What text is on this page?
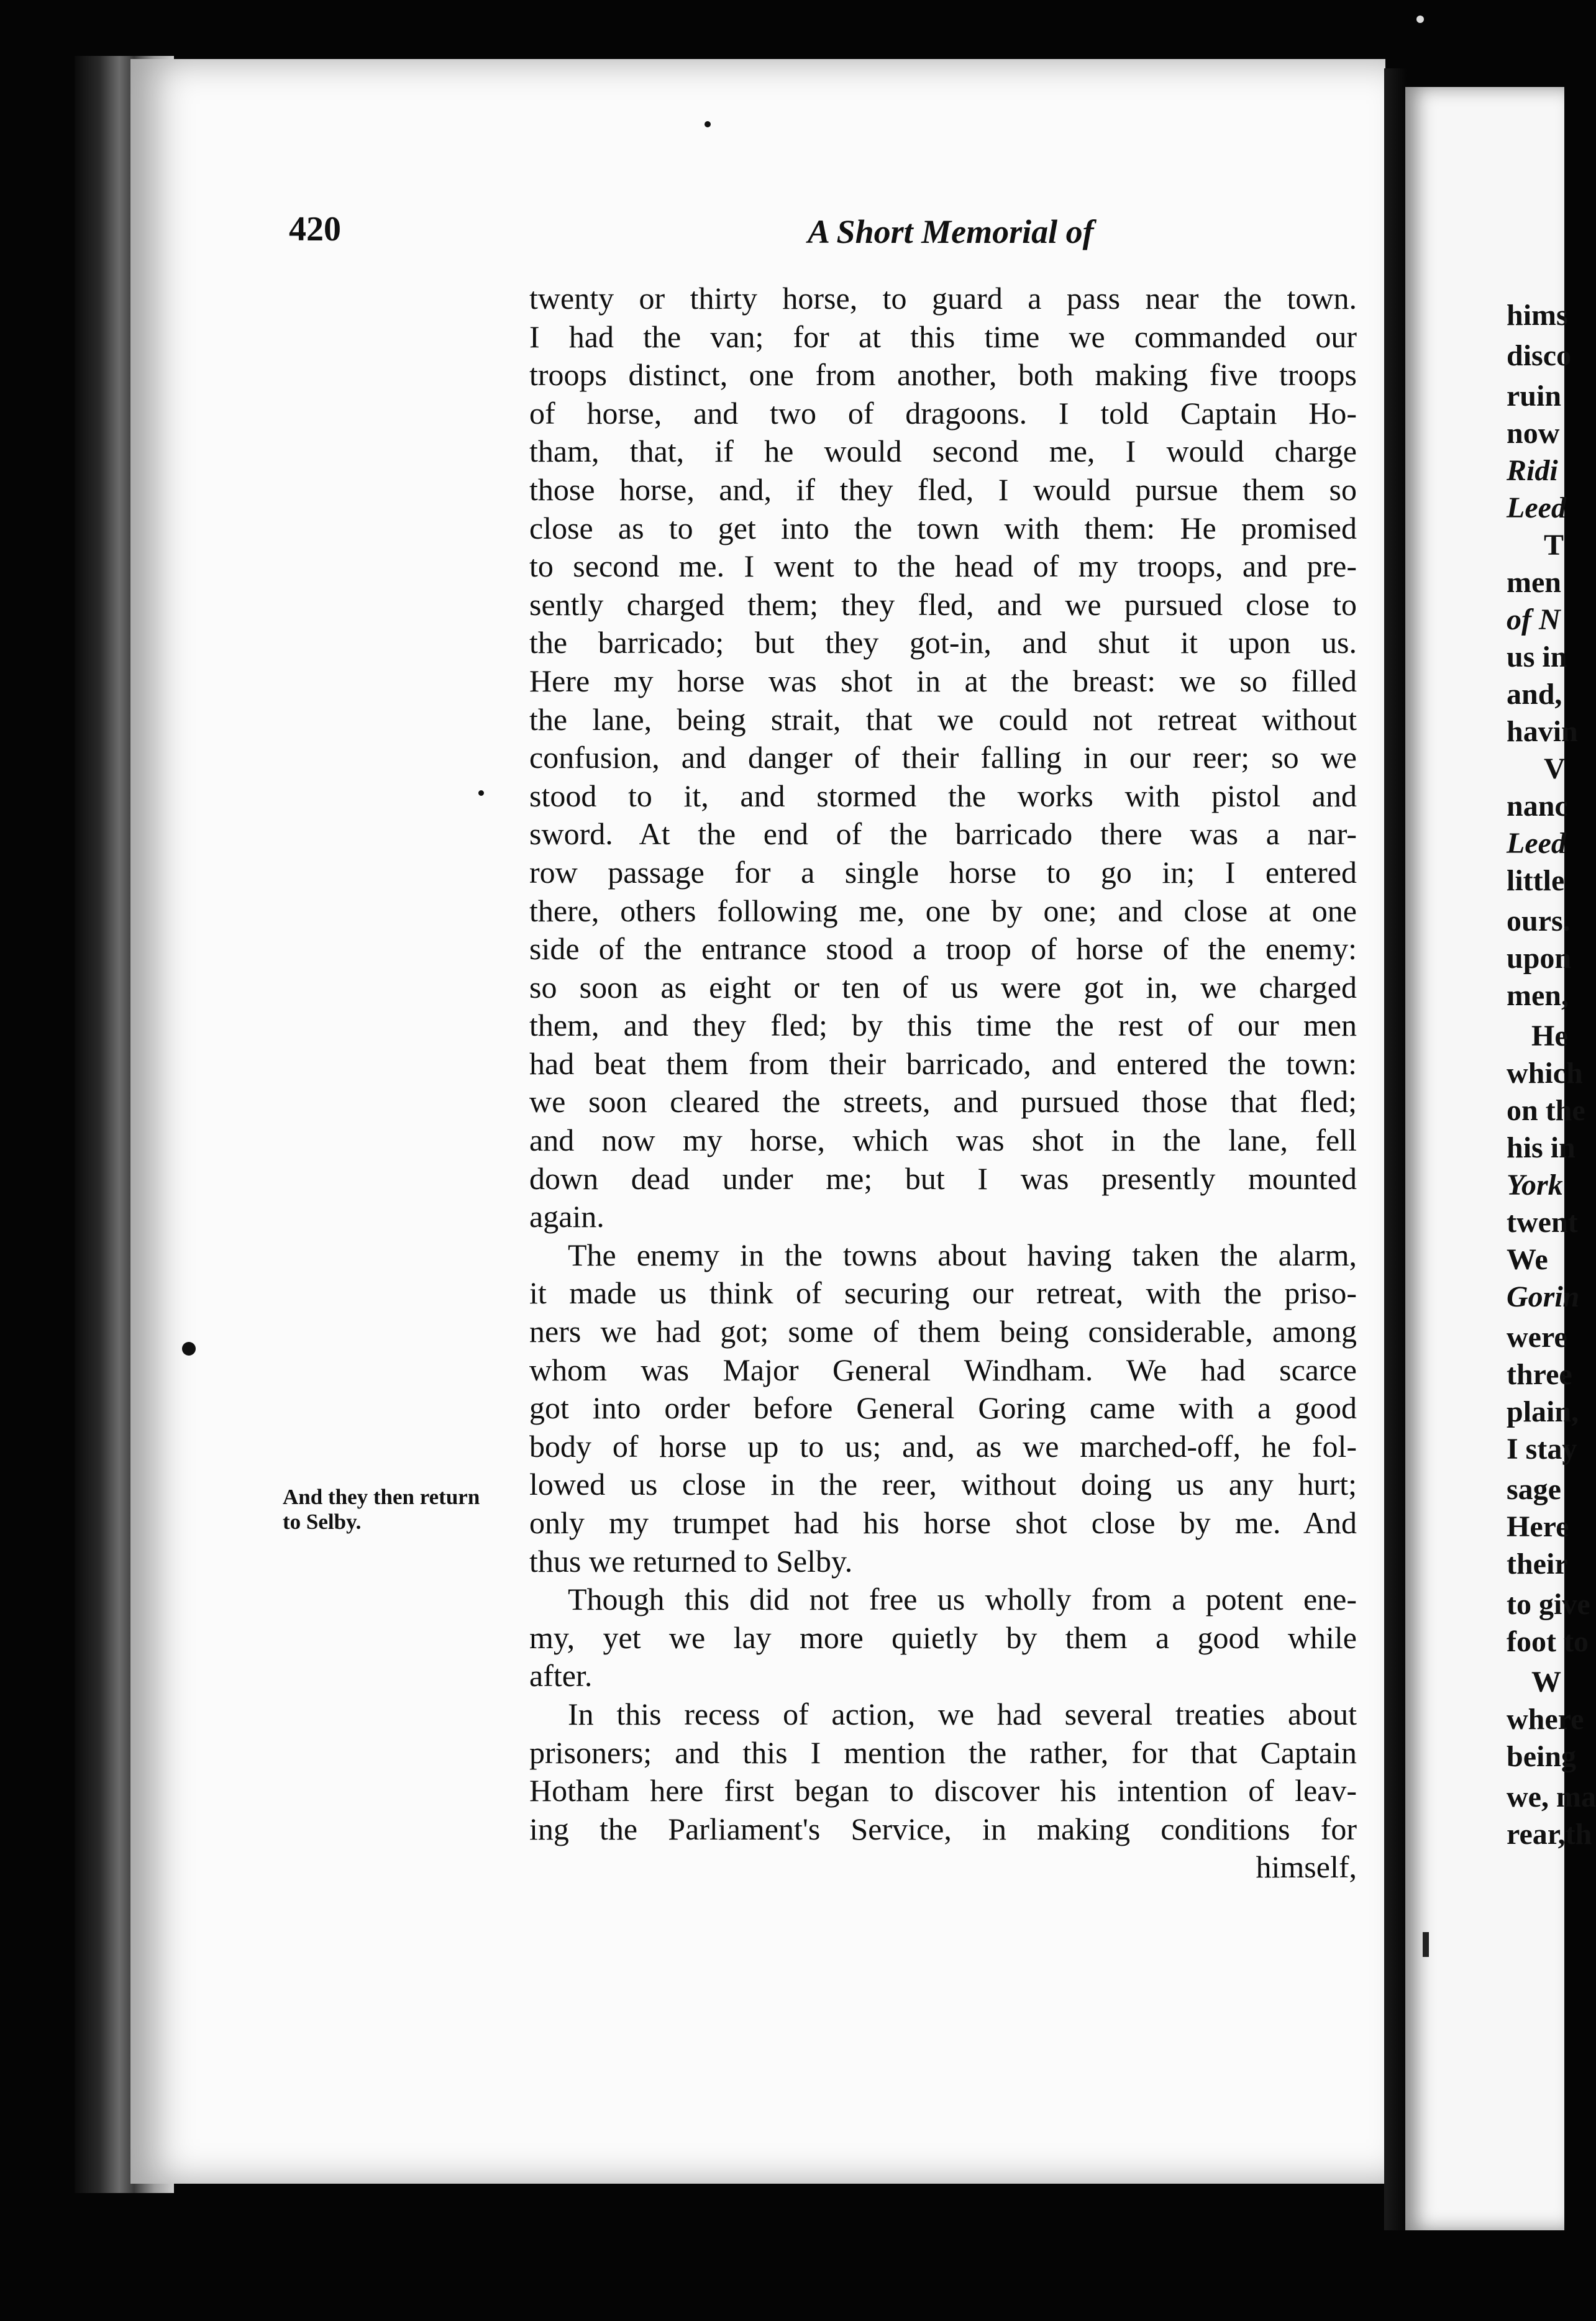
420	A Short Memorial of
twenty or thirty horse, to guard a pass near the town.
I had the van; for at this time we commanded our
troops distinct, one from another, both making five troops
of horse, and two of dragoons. I told Captain Ho-
tham, that, if he would second me, I would charge
those horse, and, if they fled, I would pursue them so
close as to get into the town with them: He promised
to second me. I went to the head of my troops, and pre-
sently charged them; they fled, and we pursued close to
the barricado; but they got-in, and shut it upon us.
Here my horse was shot in at the breast: we so filled
the lane, being strait, that we could not retreat without
confusion, and danger of their falling in our reer; so we
stood to it, and stormed the works with pistol and
sword. At the end of the barricado there was a nar-
row passage for a single horse to go in; I entered
there, others following me, one by one; and close at one
side of the entrance stood a troop of horse of the enemy:
so soon as eight or ten of us were got in, we charged
them, and they fled; by this time the rest of our men
had beat them from their barricado, and entered the town:
we soon cleared the streets, and pursued those that fled;
and now my horse, which was shot in the lane, fell
down dead under me; but I was presently mounted
again.
The enemy in the towns about having taken the alarm,
it made us think of securing our retreat, with the priso-
ners we had got; some of them being considerable, among
whom was Major General Windham. We had scarce
got into order before General Goring came with a good
body of horse up to us; and, as we marched-off, he fol-
lowed us close in the reer, without doing us any hurt;
only my trumpet had his horse shot close by me. And
thus we returned to Selby.
Though this did not free us wholly from a potent ene-
my, yet we lay more quietly by them a good while
after.
In this recess of action, we had several treaties about
prisoners; and this I mention the rather, for that Captain
Hotham here first began to discover his intention of leav-
ing the Parliament's Service, in making conditions for
himself,
And they then return
to Selby.
hims
disco
ruin
now
Ridi
Leed
T
men
of N
us in
and,
havin
V
nanc
Leed
little
ours.
upon
men,
He
which
on the
his in
York
twent
We
Gorin
were
three
plain,
I stay
sage
Here
their
to give
foot to
W
where
being
we, ma
rear,th
